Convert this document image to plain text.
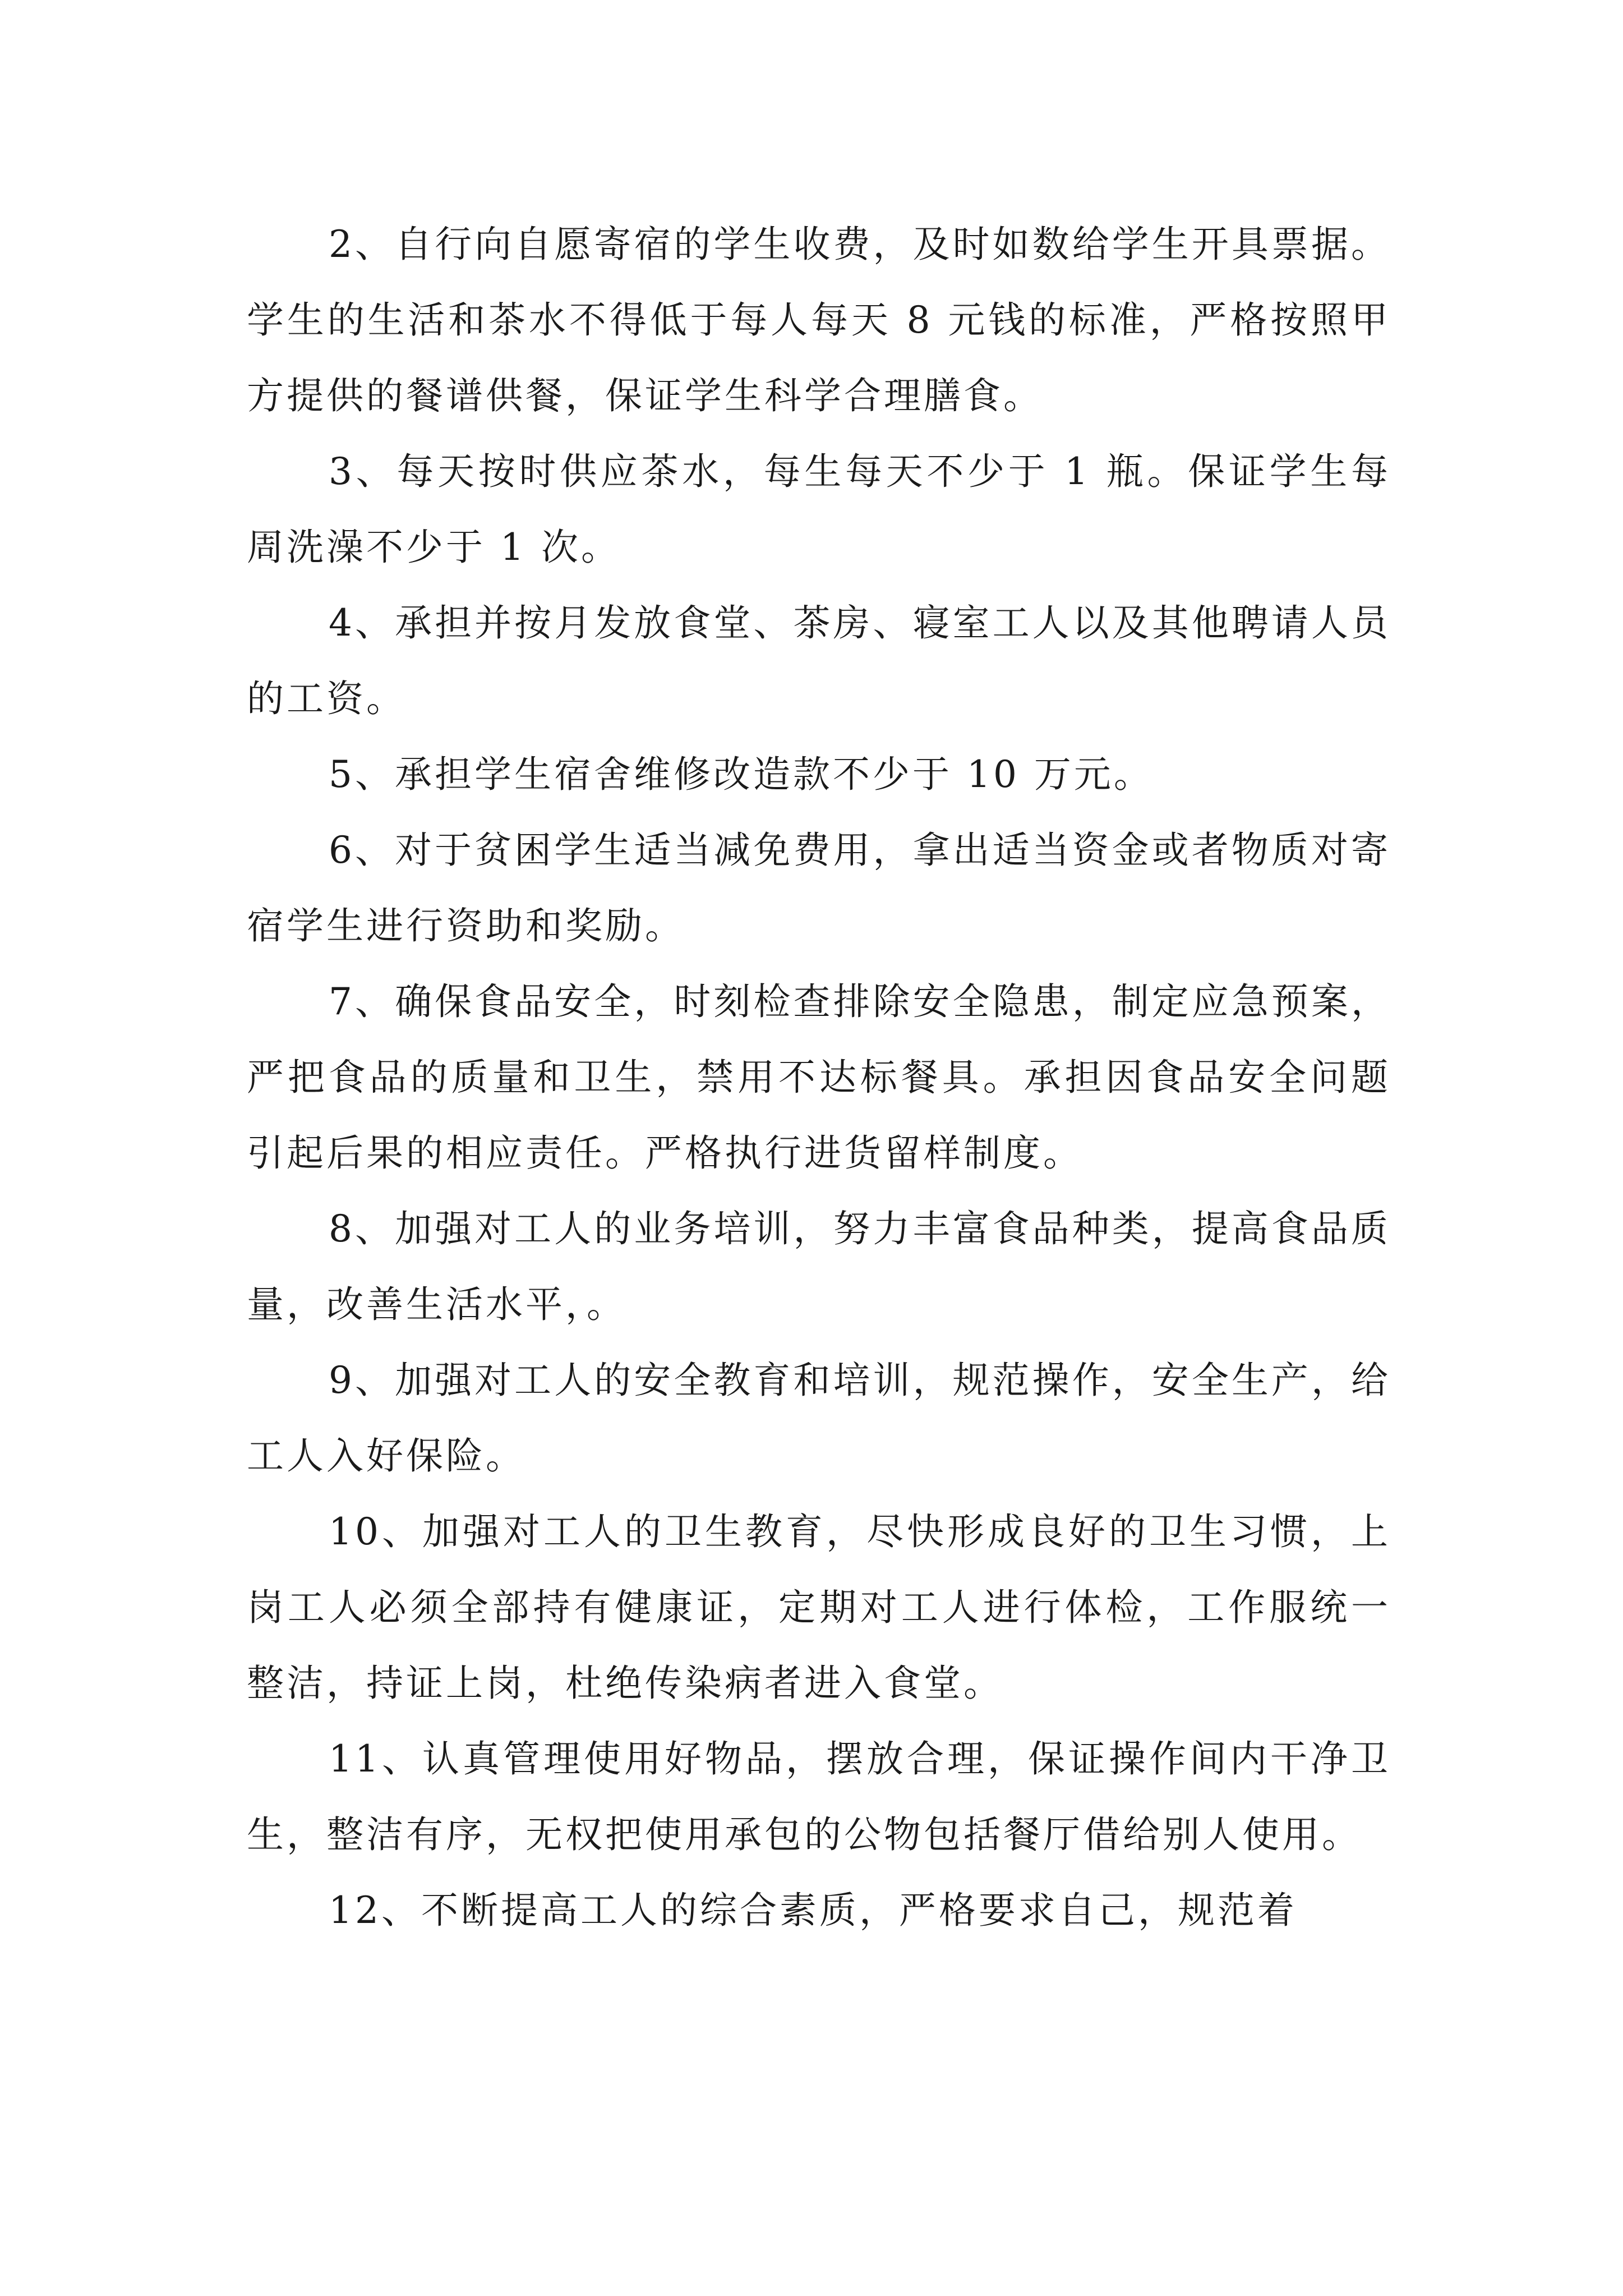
2、自行向自愿寄宿的学生收费，及时如数给学生开具票据。学生的生活和茶水不得低于每人每天 8 元钱的标准，严格按照甲方提供的餐谱供餐，保证学生科学合理膳食。

3、每天按时供应茶水，每生每天不少于 1 瓶。保证学生每周洗澡不少于 1 次。

4、承担并按月发放食堂、茶房、寝室工人以及其他聘请人员的工资。

5、承担学生宿舍维修改造款不少于 10 万元。

6、对于贫困学生适当减免费用，拿出适当资金或者物质对寄宿学生进行资助和奖励。

7、确保食品安全，时刻检查排除安全隐患，制定应急预案，严把食品的质量和卫生，禁用不达标餐具。承担因食品安全问题引起后果的相应责任。严格执行进货留样制度。

8、加强对工人的业务培训，努力丰富食品种类，提高食品质量，改善生活水平，。

9、加强对工人的安全教育和培训，规范操作，安全生产，给工人入好保险。

10、加强对工人的卫生教育，尽快形成良好的卫生习惯，上岗工人必须全部持有健康证，定期对工人进行体检，工作服统一整洁，持证上岗，杜绝传染病者进入食堂。

11、认真管理使用好物品，摆放合理，保证操作间内干净卫生，整洁有序，无权把使用承包的公物包括餐厅借给别人使用。

12、不断提高工人的综合素质，严格要求自己，规范着
